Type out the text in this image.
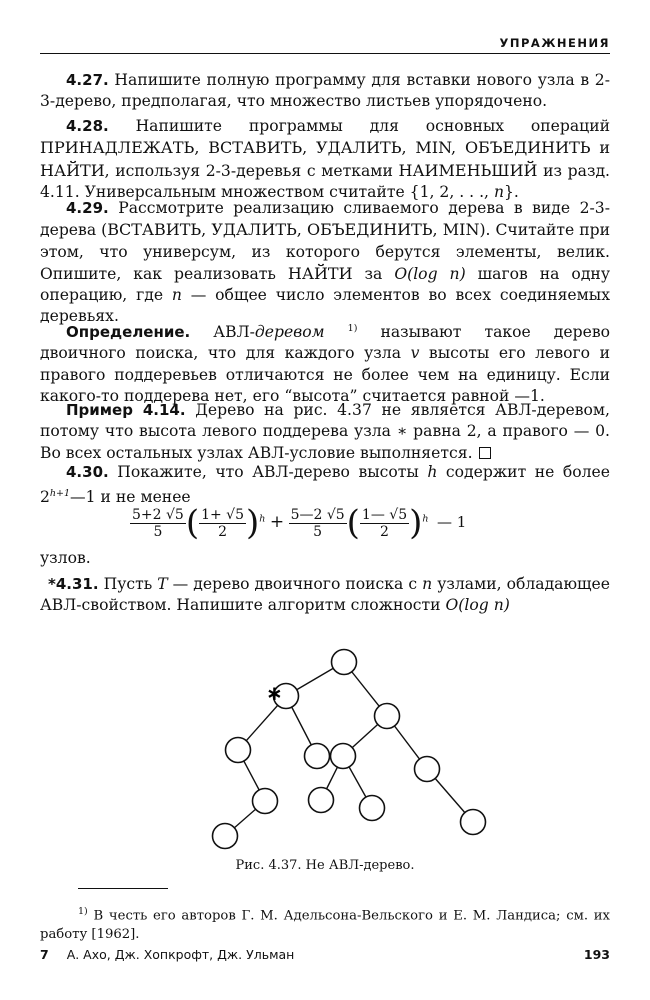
УПРАЖНЕНИЯ
4.27. Напишите полную программу для вставки нового узла в 2-3-дерево, предполагая, что множество листьев упорядочено.
4.28. Напишите программы для основных операций ПРИНАДЛЕЖАТЬ, ВСТАВИТЬ, УДАЛИТЬ, MIN, ОБЪЕДИНИТЬ и НАЙТИ, используя 2-3-деревья с метками НАИМЕНЬШИЙ из разд. 4.11. Универсальным множеством считайте {1, 2, . . ., n}.
4.29. Рассмотрите реализацию сливаемого дерева в виде 2-3-дерева (ВСТАВИТЬ, УДАЛИТЬ, ОБЪЕДИНИТЬ, MIN). Считайте при этом, что универсум, из которого берутся элементы, велик. Опишите, как реализовать НАЙТИ за O(log n) шагов на одну операцию, где n — общее число элементов во всех соединяемых деревьях.
Определение. АВЛ-деревом $^{1)}$ называют такое дерево двоичного поиска, что для каждого узла v высоты его левого и правого поддеревьев отличаются не более чем на единицу. Если какого-то поддерева нет, его “высота” считается равной —1.
Пример 4.14. Дерево на рис. 4.37 не является АВЛ-деревом, потому что высота левого поддерева узла ∗ равна 2, а правого — 0. Во всех остальных узлах АВЛ-условие выполняется.
4.30. Покажите, что АВЛ-дерево высоты h содержит не более $2^{h+1}—1$ и не менее
$\frac{5+2 √5}{5}$ ( $\frac{1+ √5}{2} )^h + \frac{5—2 √5}{5}$ ( $\frac{1— √5}{2} )^h$ — 1
узлов.
*4.31. Пусть T — дерево двоичного поиска с n узлами, обладающее АВЛ-свойством. Напишите алгоритм сложности O(log n)
∗
Рис. 4.37. Не АВЛ-дерево.
$^{1)}$ В честь его авторов Г. М. Адельсона-Вельского и Е. М. Ландиса; см. их работу [1962].
7 А. Ахо, Дж. Хопкрофт, Дж. Ульман	193
